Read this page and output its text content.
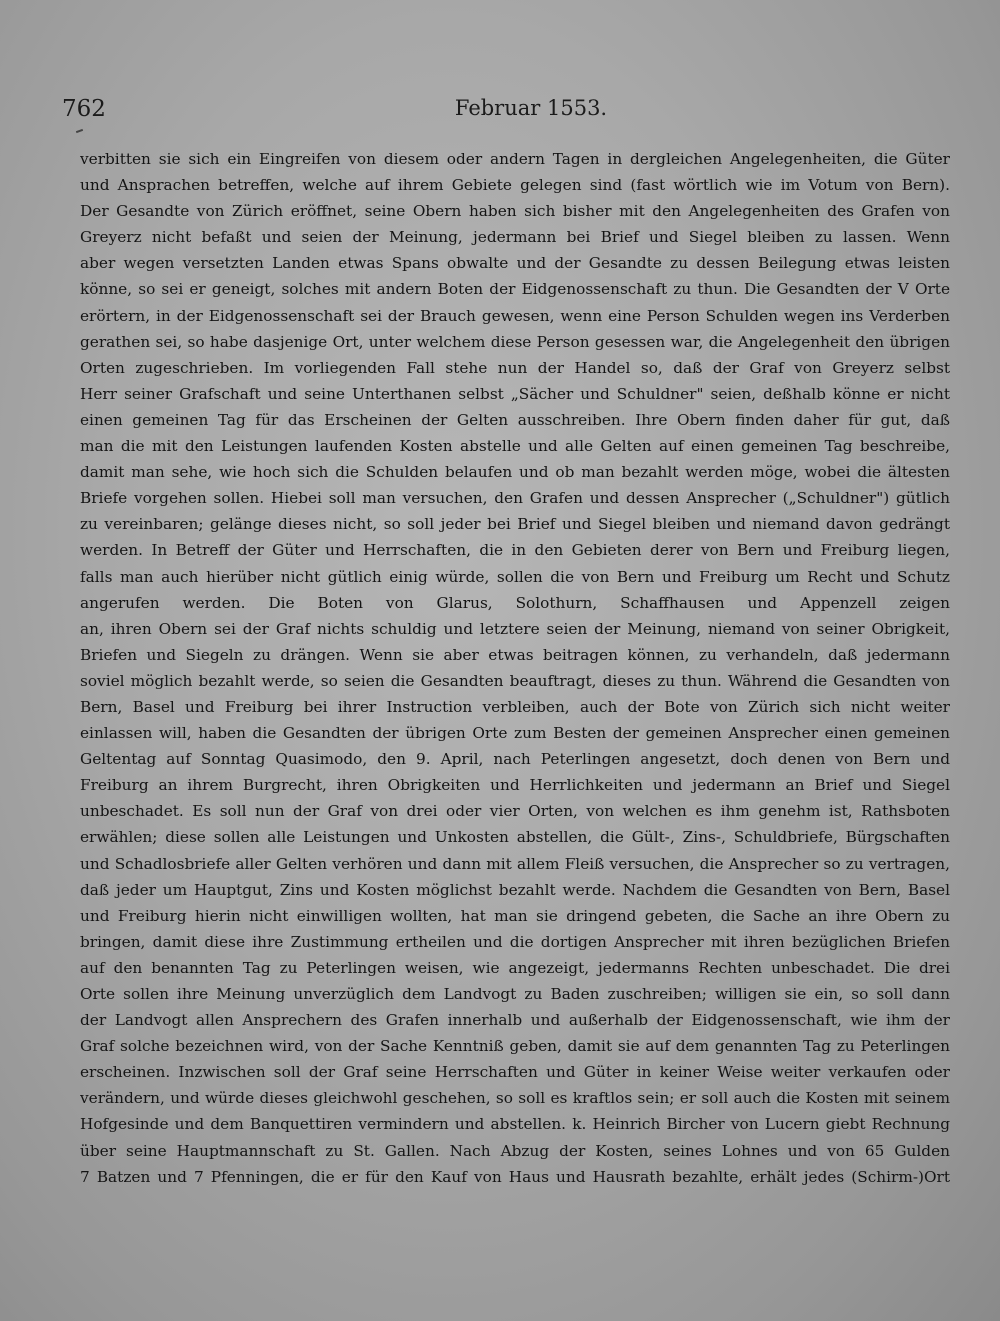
762	Februar 1553.
verbitten sie sich ein Eingreifen von diesem oder andern Tagen in dergleichen Angelegenheiten, die Güter
und Ansprachen betreffen, welche auf ihrem Gebiete gelegen sind (fast wörtlich wie im Votum von Bern).
Der Gesandte von Zürich eröffnet, seine Obern haben sich bisher mit den Angelegenheiten des Grafen von
Greyerz nicht befaßt und seien der Meinung, jedermann bei Brief und Siegel bleiben zu lassen. Wenn
aber wegen versetzten Landen etwas Spans obwalte und der Gesandte zu dessen Beilegung etwas leisten
könne, so sei er geneigt, solches mit andern Boten der Eidgenossenschaft zu thun. Die Gesandten der V Orte
erörtern, in der Eidgenossenschaft sei der Brauch gewesen, wenn eine Person Schulden wegen ins Verderben
gerathen sei, so habe dasjenige Ort, unter welchem diese Person gesessen war, die Angelegenheit den übrigen
Orten zugeschrieben. Im vorliegenden Fall stehe nun der Handel so, daß der Graf von Greyerz selbst
Herr seiner Grafschaft und seine Unterthanen selbst „Sächer und Schuldner" seien, deßhalb könne er nicht
einen gemeinen Tag für das Erscheinen der Gelten ausschreiben. Ihre Obern finden daher für gut, daß
man die mit den Leistungen laufenden Kosten abstelle und alle Gelten auf einen gemeinen Tag beschreibe,
damit man sehe, wie hoch sich die Schulden belaufen und ob man bezahlt werden möge, wobei die ältesten
Briefe vorgehen sollen. Hiebei soll man versuchen, den Grafen und dessen Ansprecher („Schuldner") gütlich
zu vereinbaren; gelänge dieses nicht, so soll jeder bei Brief und Siegel bleiben und niemand davon gedrängt
werden. In Betreff der Güter und Herrschaften, die in den Gebieten derer von Bern und Freiburg liegen,
falls man auch hierüber nicht gütlich einig würde, sollen die von Bern und Freiburg um Recht und Schutz
angerufen werden. Die Boten von Glarus, Solothurn, Schaffhausen und Appenzell zeigen
an, ihren Obern sei der Graf nichts schuldig und letztere seien der Meinung, niemand von seiner Obrigkeit,
Briefen und Siegeln zu drängen. Wenn sie aber etwas beitragen können, zu verhandeln, daß jedermann
soviel möglich bezahlt werde, so seien die Gesandten beauftragt, dieses zu thun. Während die Gesandten von
Bern, Basel und Freiburg bei ihrer Instruction verbleiben, auch der Bote von Zürich sich nicht weiter
einlassen will, haben die Gesandten der übrigen Orte zum Besten der gemeinen Ansprecher einen gemeinen
Geltentag auf Sonntag Quasimodo, den 9. April, nach Peterlingen angesetzt, doch denen von Bern und
Freiburg an ihrem Burgrecht, ihren Obrigkeiten und Herrlichkeiten und jedermann an Brief und Siegel
unbeschadet. Es soll nun der Graf von drei oder vier Orten, von welchen es ihm genehm ist, Rathsboten
erwählen; diese sollen alle Leistungen und Unkosten abstellen, die Gült-, Zins-, Schuldbriefe, Bürgschaften
und Schadlosbriefe aller Gelten verhören und dann mit allem Fleiß versuchen, die Ansprecher so zu vertragen,
daß jeder um Hauptgut, Zins und Kosten möglichst bezahlt werde. Nachdem die Gesandten von Bern, Basel
und Freiburg hierin nicht einwilligen wollten, hat man sie dringend gebeten, die Sache an ihre Obern zu
bringen, damit diese ihre Zustimmung ertheilen und die dortigen Ansprecher mit ihren bezüglichen Briefen
auf den benannten Tag zu Peterlingen weisen, wie angezeigt, jedermanns Rechten unbeschadet. Die drei
Orte sollen ihre Meinung unverzüglich dem Landvogt zu Baden zuschreiben; willigen sie ein, so soll dann
der Landvogt allen Ansprechern des Grafen innerhalb und außerhalb der Eidgenossenschaft, wie ihm der
Graf solche bezeichnen wird, von der Sache Kenntniß geben, damit sie auf dem genannten Tag zu Peterlingen
erscheinen. Inzwischen soll der Graf seine Herrschaften und Güter in keiner Weise weiter verkaufen oder
verändern, und würde dieses gleichwohl geschehen, so soll es kraftlos sein; er soll auch die Kosten mit seinem
Hofgesinde und dem Banquettiren vermindern und abstellen. k. Heinrich Bircher von Lucern giebt Rechnung
über seine Hauptmannschaft zu St. Gallen. Nach Abzug der Kosten, seines Lohnes und von 65 Gulden
7 Batzen und 7 Pfenningen, die er für den Kauf von Haus und Hausrath bezahlte, erhält jedes (Schirm-)Ort
